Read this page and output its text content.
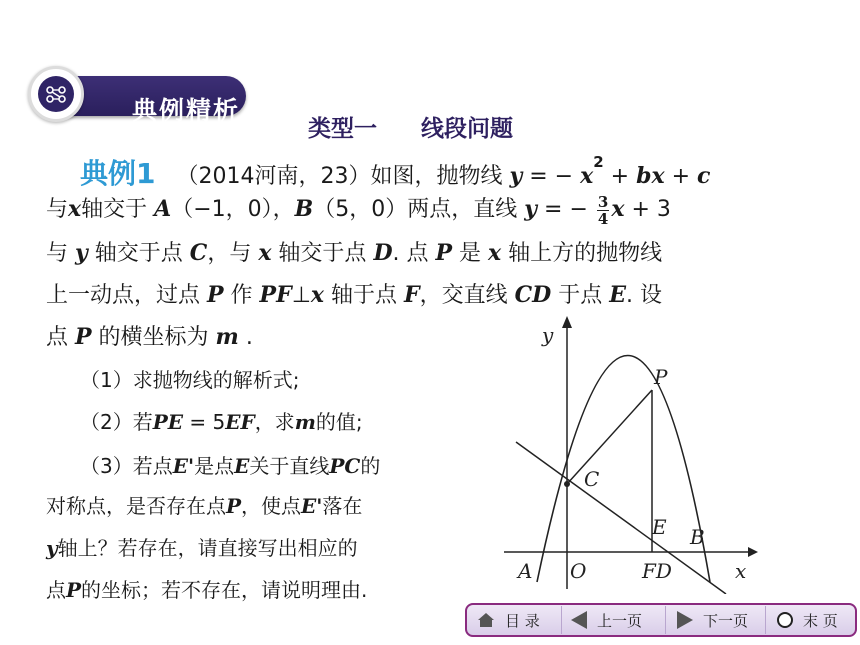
典例精析
类型一 线段问题
典例1 （2014河南，23）如图，抛物线 y = − $x^2$ + bx + c
与x轴交于 A（−1，0），B（5，0）两点，直线 y = − $\frac{3}{4}$ x + 3
与 y 轴交于点 C，与 x 轴交于点 D. 点 P 是 x 轴上方的抛物线
上一动点，过点 P 作 PF⊥x 轴于点 F，交直线 CD 于点 E. 设
点 P 的横坐标为 m .
（1）求抛物线的解析式;
（2）若PE = 5EF，求m的值;
（3）若点E'是点E关于直线PC的
对称点，是否存在点P，使点E'落在
y轴上？若存在，请直接写出相应的
点P的坐标；若不存在，请说明理由.
y
x
O
A
B
C
P
E
FD
目 录	上一页	下一页	末 页
